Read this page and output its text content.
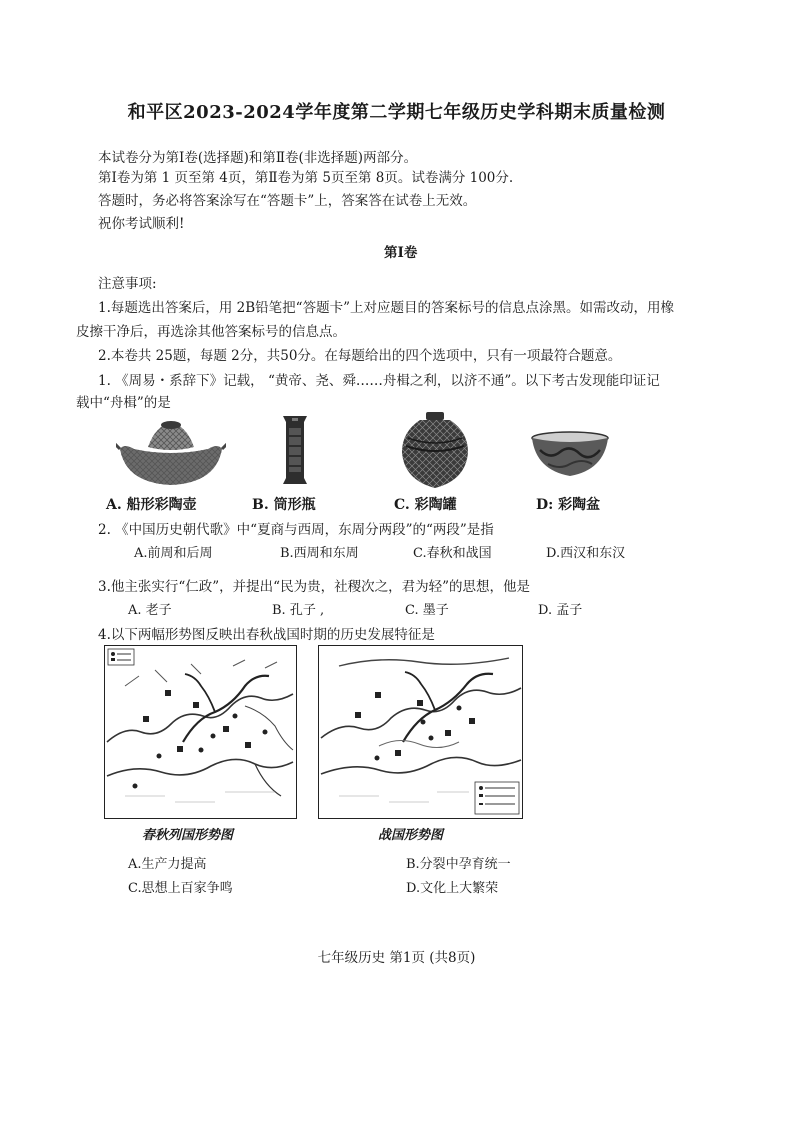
和平区2023-2024学年度第二学期七年级历史学科期末质量检测
本试卷分为第Ⅰ卷(选择题)和第Ⅱ卷(非选择题)两部分。
第Ⅰ卷为第 1 页至第 4页，第Ⅱ卷为第 5页至第 8页。试卷满分 100分.
答题时，务必将答案涂写在“答题卡”上，答案答在试卷上无效。
祝你考试顺利!
第Ⅰ卷
注意事项:
1.每题选出答案后，用 2B铅笔把“答题卡”上对应题目的答案标号的信息点涂黑。如需改动，用橡
皮擦干净后，再选涂其他答案标号的信息点。
2.本卷共 25题，每题 2分，共50分。在每题给出的四个选项中，只有一项最符合题意。
1. 《周易・系辞下》记载， “黄帝、尧、舜……舟楫之利，以济不通”。以下考古发现能印证记
载中“舟楫”的是
A. 船形彩陶壶	B. 筒形瓶	C. 彩陶罐	D: 彩陶盆
2. 《中国历史朝代歌》中“夏商与西周，东周分两段”的“两段”是指
A.前周和后周	B.西周和东周	C.春秋和战国	D.西汉和东汉
3.他主张实行“仁政”，并提出“民为贵，社稷次之，君为轻”的思想，他是
A. 老子	B. 孔子 ,	C. 墨子	D. 孟子
4.以下两幅形势图反映出春秋战国时期的历史发展特征是
春秋列国形势图	战国形势图
A.生产力提高	B.分裂中孕育统一
C.思想上百家争鸣	D.文化上大繁荣
七年级历史 第1页 (共8页)
